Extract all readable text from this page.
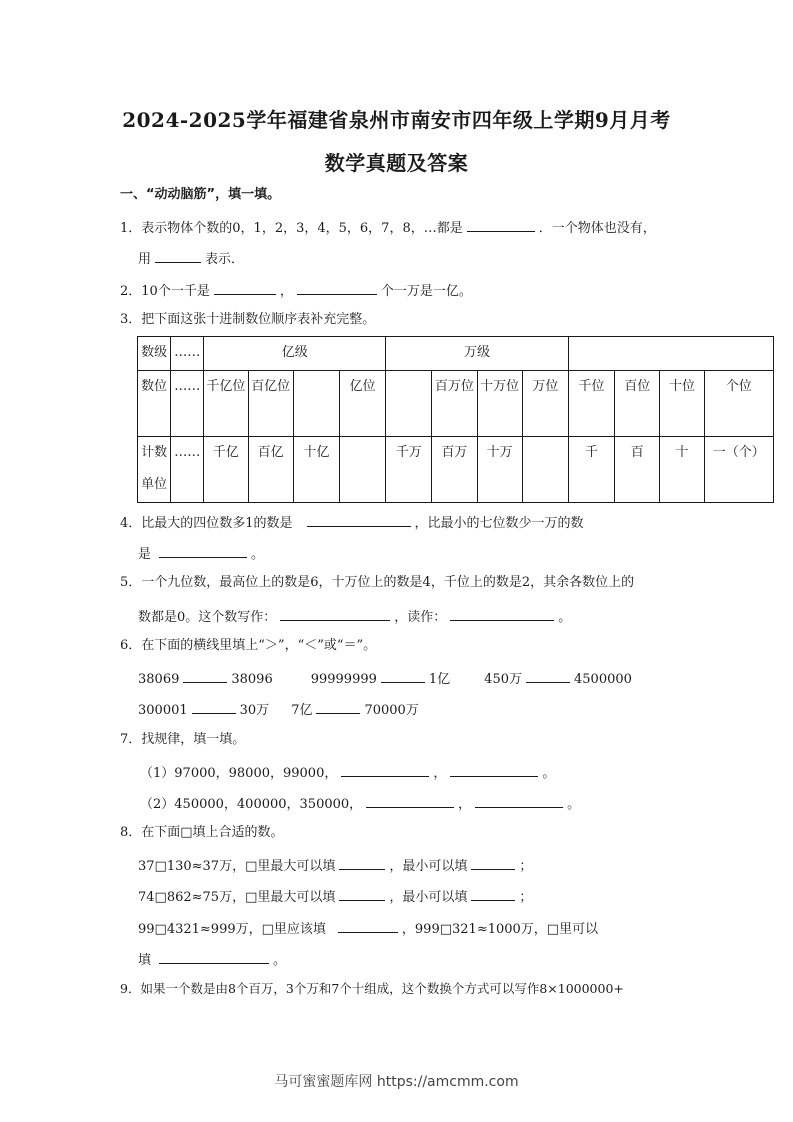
2024-2025学年福建省泉州市南安市四年级上学期9月月考
数学真题及答案
一、“动动脑筋”，填一填。
1．表示物体个数的0，1，2，3，4，5，6，7，8，…都是	．一个物体也没有，
用	表示．
2．10个一千是	，	个一万是一亿。
3．把下面这张十进制数位顺序表补充完整。
数级	……	亿级				万级							
数位	……	千亿位	百亿位		亿位		百万位	十万位	万位	千位	百位	十位	个位
计数单位	……	千亿	百亿	十亿		千万	百万	十万		千	百	十	一（个）
4．比最大的四位数多1的数是	，比最小的七位数少一万的数
是	。
5．一个九位数，最高位上的数是6，十万位上的数是4，千位上的数是2，其余各数位上的
数都是0。这个数写作：	，读作：	。
6．在下面的横线里填上“＞”，“＜”或“＝”。
38069	38096	99999999	1亿	450万	4500000
300001	30万 7亿	70000万
7．找规律，填一填。
（1）97000，98000，99000，	，	。
（2）450000，400000，350000，	，	。
8．在下面□填上合适的数。
37□130≈37万，□里最大可以填	，最小可以填	；
74□862≈75万，□里最大可以填	，最小可以填	；
99□4321≈999万，□里应该填	，999□321≈1000万，□里可以
填	。
9．如果一个数是由8个百万，3个万和7个十组成，这个数换个方式可以写作8×1000000+
马可蜜蜜题库网 https://amcmm.com
